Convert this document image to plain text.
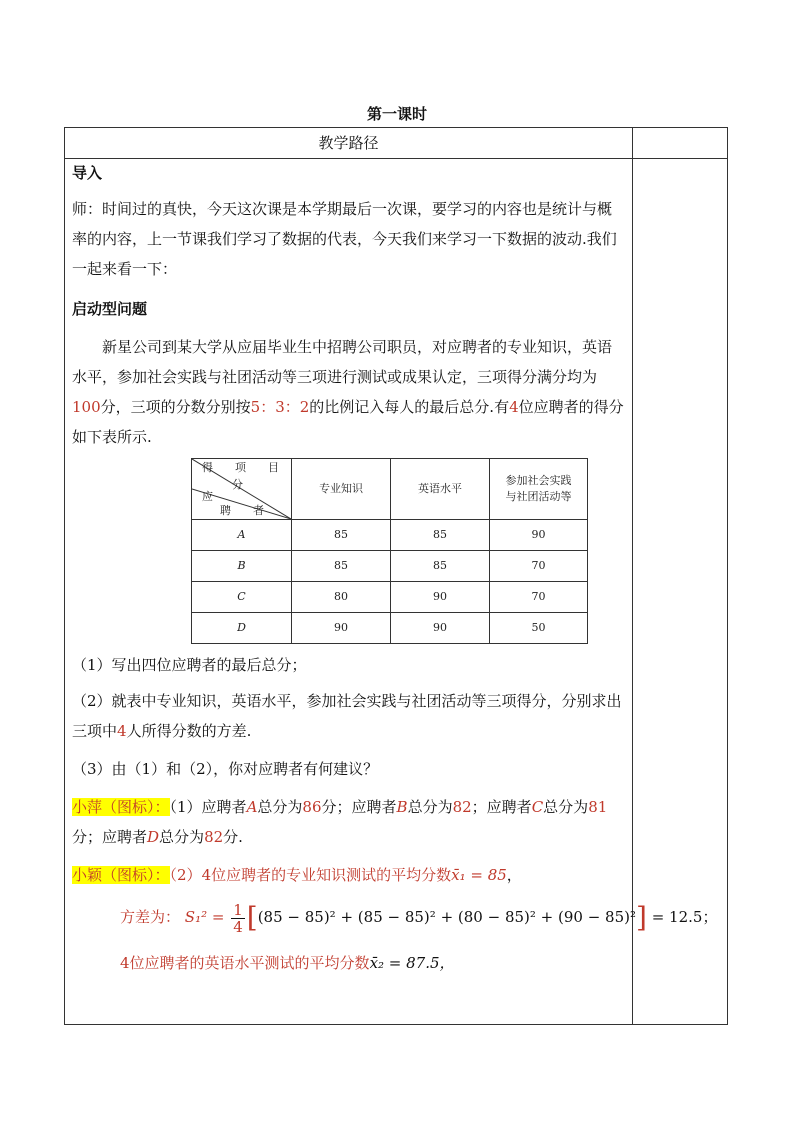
第一课时
教学路径

导入

师：时间过的真快，今天这次课是本学期最后一次课，要学习的内容也是统计与概率的内容，上一节课我们学习了数据的代表，今天我们来学习一下数据的波动.我们一起来看一下：

启动型问题

新星公司到某大学从应届毕业生中招聘公司职员，对应聘者的专业知识，英语水平，参加社会实践与社团活动等三项进行测试或成果认定，三项得分满分均为100分，三项的分数分别按5：3：2的比例记入每人的最后总分.有4位应聘者的得分如下表所示.

得　　项　　目
分
应
聘　　者	专业知识	英语水平	参加社会实践
与社团活动等
A	85	85	90
B	85	85	70
C	80	90	70
D	90	90	50

（1）写出四位应聘者的最后总分；

（2）就表中专业知识，英语水平，参加社会实践与社团活动等三项得分，分别求出三项中4人所得分数的方差.

（3）由（1）和（2），你对应聘者有何建议？

小萍（图标）：（1）应聘者A总分为86分；应聘者B总分为82；应聘者C总分为81分；应聘者D总分为82分.

小颖（图标）：（2）4位应聘者的专业知识测试的平均分数x̄₁ = 85，

方差为： $S_1^2 = \frac{1}{4} [(85 - 85)^2 + (85 - 85)^2 + (80 - 85)^2 + (90 - 85)^2] = 12.5$；

4位应聘者的英语水平测试的平均分数x̄₂ = 87.5，
